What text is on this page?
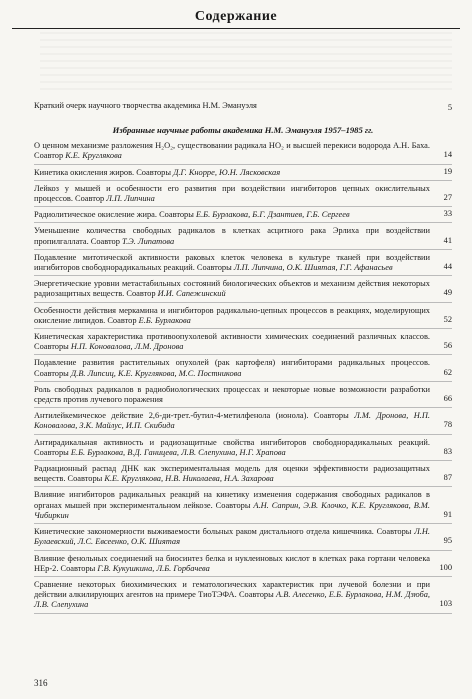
Содержание
Краткий очерк научного творчества академика Н.М. Эмануэля	5
Избранные научные работы академика Н.М. Эмануэля 1957–1985 гг.
О ценном механизме разложения H₂O₂, существовании радикала HO₂ и высшей перекиси водорода А.Н. Баха. Соавтор К.Е. Круглякова	14
Кинетика окисления жиров. Соавторы Д.Г. Кнорре, Ю.Н. Лясковская	19
Лейкоз у мышей и особенности его развития при воздействии ингибиторов цепных окислительных процессов. Соавтор Л.П. Липчина	27
Радиолитическое окисление жира. Соавторы Е.Б. Бурлакова, Б.Г. Дзантиев, Г.Б. Сергеев	33
Уменьшение количества свободных радикалов в клетках асцитного рака Эрлиха при воздействии пропилгаллата. Соавтор Т.Э. Липатова	41
Подавление митотической активности раковых клеток человека в культуре тканей при воздействии ингибиторов свободнорадикальных реакций. Соавторы Л.П. Липчина, О.К. Шиятая, Г.Г. Афанасьев	44
Энергетические уровни метастабильных состояний биологических объектов и механизм действия некоторых радиозащитных веществ. Соавтор И.И. Сапежинский	49
Особенности действия меркамина и ингибиторов радикально-цепных процессов в реакциях, моделирующих окисление липидов. Соавтор Е.Б. Бурлакова	52
Кинетическая характеристика противоопухолевой активности химических соединений различных классов. Соавторы Н.П. Коновалова, Л.М. Дронова	56
Подавление развития растительных опухолей (рак картофеля) ингибиторами радикальных процессов. Соавторы Д.В. Липсиц, К.Е. Круглякова, М.С. Постникова	62
Роль свободных радикалов в радиобиологических процессах и некоторые новые возможности разработки средств против лучевого поражения	66
Антилейкемическое действие 2,6-ди-трет.-бутил-4-метилфенола (ионола). Соавторы Л.М. Дронова, Н.П. Коновалова, З.К. Майлус, И.П. Скибида	78
Антирадикальная активность и радиозащитные свойства ингибиторов свободнорадикальных реакций. Соавторы Е.Б. Бурлакова, В.Д. Ганицева, Л.В. Слепухина, Н.Г. Храпова	83
Радиационный распад ДНК как экспериментальная модель для оценки эффективности радиозащитных веществ. Соавторы К.Е. Круглякова, Н.В. Николаева, Н.А. Захарова	87
Влияние ингибиторов радикальных реакций на кинетику изменения содержания свободных радикалов в органах мышей при экспериментальном лейкозе. Соавторы А.Н. Саприн, Э.В. Клочко, К.Е. Круглякова, В.М. Чибиркин	91
Кинетические закономерности выживаемости больных раком дистального отдела кишечника. Соавторы Л.Н. Булаевский, Л.С. Евсеенко, О.К. Шиятая	95
Влияние фенольных соединений на биосинтез белка и нуклеиновых кислот в клетках рака гортани человека HEp-2. Соавторы Г.В. Кукушкина, Л.Б. Горбачева	100
Сравнение некоторых биохимических и гематологических характеристик при лучевой болезни и при действии алкилирующих агентов на примере ТиоТЭФА. Соавторы А.В. Алесенко, Е.Б. Бурлакова, Н.М. Дзюба, Л.В. Слепухина	103
316
